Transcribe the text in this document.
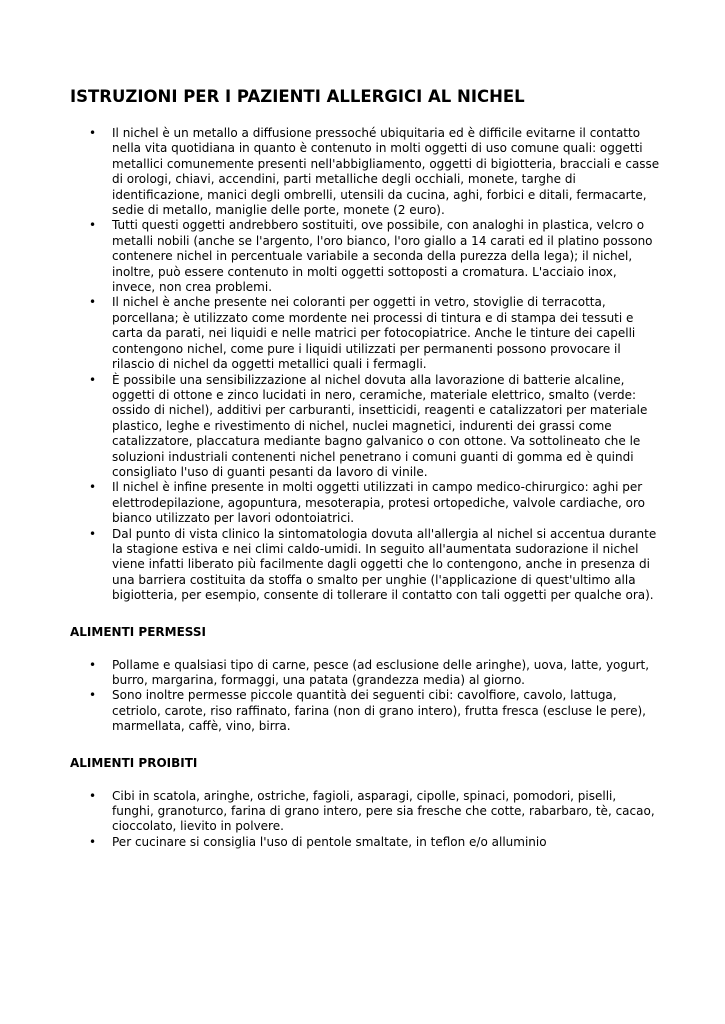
ISTRUZIONI PER I PAZIENTI ALLERGICI AL NICHEL
• Il nichel è un metallo a diffusione pressoché ubiquitaria ed è difficile evitarne il contatto nella vita quotidiana in quanto è contenuto in molti oggetti di uso comune quali: oggetti metallici comunemente presenti nell'abbigliamento, oggetti di bigiotteria, bracciali e casse di orologi, chiavi, accendini, parti metalliche degli occhiali, monete, targhe di identificazione, manici degli ombrelli, utensili da cucina, aghi, forbici e ditali, fermacarte, sedie di metallo, maniglie delle porte, monete (2 euro).
• Tutti questi oggetti andrebbero sostituiti, ove possibile, con analoghi in plastica, velcro o metalli nobili (anche se l'argento, l'oro bianco, l'oro giallo a 14 carati ed il platino possono contenere nichel in percentuale variabile a seconda della purezza della lega); il nichel, inoltre, può essere contenuto in molti oggetti sottoposti a cromatura. L'acciaio inox, invece, non crea problemi.
• Il nichel è anche presente nei coloranti per oggetti in vetro, stoviglie di terracotta, porcellana; è utilizzato come mordente nei processi di tintura e di stampa dei tessuti e carta da parati, nei liquidi e nelle matrici per fotocopiatrice. Anche le tinture dei capelli contengono nichel, come pure i liquidi utilizzati per permanenti possono provocare il rilascio di nichel da oggetti metallici quali i fermagli.
• È possibile una sensibilizzazione al nichel dovuta alla lavorazione di batterie alcaline, oggetti di ottone e zinco lucidati in nero, ceramiche, materiale elettrico, smalto (verde: ossido di nichel), additivi per carburanti, insetticidi, reagenti e catalizzatori per materiale plastico, leghe e rivestimento di nichel, nuclei magnetici, indurenti dei grassi come catalizzatore, placcatura mediante bagno galvanico o con ottone. Va sottolineato che le soluzioni industriali contenenti nichel penetrano i comuni guanti di gomma ed è quindi consigliato l'uso di guanti pesanti da lavoro di vinile.
• Il nichel è infine presente in molti oggetti utilizzati in campo medico-chirurgico: aghi per elettrodepilazione, agopuntura, mesoterapia, protesi ortopediche, valvole cardiache, oro bianco utilizzato per lavori odontoiatrici.
• Dal punto di vista clinico la sintomatologia dovuta all'allergia al nichel si accentua durante la stagione estiva e nei climi caldo-umidi. In seguito all'aumentata sudorazione il nichel viene infatti liberato più facilmente dagli oggetti che lo contengono, anche in presenza di una barriera costituita da stoffa o smalto per unghie (l'applicazione di quest'ultimo alla bigiotteria, per esempio, consente di tollerare il contatto con tali oggetti per qualche ora).
ALIMENTI PERMESSI
• Pollame e qualsiasi tipo di carne, pesce (ad esclusione delle aringhe), uova, latte, yogurt, burro, margarina, formaggi, una patata (grandezza media) al giorno.
• Sono inoltre permesse piccole quantità dei seguenti cibi: cavolfiore, cavolo, lattuga, cetriolo, carote, riso raffinato, farina (non di grano intero), frutta fresca (escluse le pere), marmellata, caffè, vino, birra.
ALIMENTI PROIBITI
• Cibi in scatola, aringhe, ostriche, fagioli, asparagi, cipolle, spinaci, pomodori, piselli, funghi, granoturco, farina di grano intero, pere sia fresche che cotte, rabarbaro, tè, cacao, cioccolato, lievito in polvere.
• Per cucinare si consiglia l'uso di pentole smaltate, in teflon e/o alluminio
